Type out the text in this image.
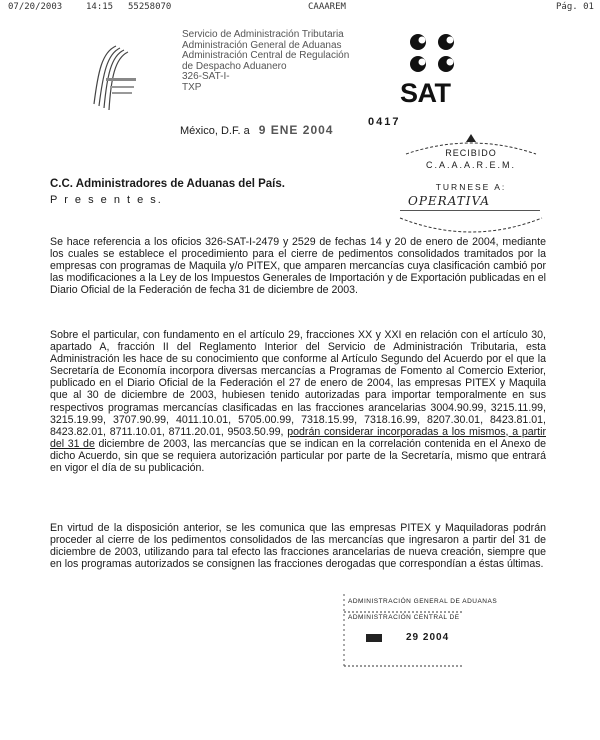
07/20/2003	14:15 55258070	CAAAREM	Pág. 01
Servicio de Administración Tributaria
Administración General de Aduanas
Administración Central de Regulación
de Despacho Aduanero
326-SAT-I-
TXP	SAT
México, D.F. a 9 ENE 2004
0417
RECIBIDO
C.A.A.A.R.E.M.
TURNESE A:
OPERATIVA
C.C. Administradores de Aduanas del País.
P r e s e n t e s.
Se hace referencia a los oficios 326-SAT-I-2479 y 2529 de fechas 14 y 20 de enero de 2004, mediante los cuales se establece el procedimiento para el cierre de pedimentos consolidados tramitados por la empresas con programas de Maquila y/o PITEX, que amparen mercancías cuya clasificación cambió por las modificaciones a la Ley de los Impuestos Generales de Importación y de Exportación publicadas en el Diario Oficial de la Federación de fecha 31 de diciembre de 2003.
Sobre el particular, con fundamento en el artículo 29, fracciones XX y XXI en relación con el artículo 30, apartado A, fracción II del Reglamento Interior del Servicio de Administración Tributaria, esta Administración les hace de su conocimiento que conforme al Artículo Segundo del Acuerdo por el que la Secretaría de Economía incorpora diversas mercancías a Programas de Fomento al Comercio Exterior, publicado en el Diario Oficial de la Federación el 27 de enero de 2004, las empresas PITEX y Maquila que al 30 de diciembre de 2003, hubiesen tenido autorizadas para importar temporalmente en sus respectivos programas mercancías clasificadas en las fracciones arancelarias 3004.90.99, 3215.11.99, 3215.19.99, 3707.90.99, 4011.10.01, 5705.00.99, 7318.15.99, 7318.16.99, 8207.30.01, 8423.81.01, 8423.82.01, 8711.10.01, 8711.20.01, 9503.50.99, podrán considerar incorporadas a los mismos, a partir del 31 de diciembre de 2003, las mercancías que se indican en la correlación contenida en el Anexo de dicho Acuerdo, sin que se requiera autorización particular por parte de la Secretaría, mismo que entrará en vigor el día de su publicación.
En virtud de la disposición anterior, se les comunica que las empresas PITEX y Maquiladoras podrán proceder al cierre de los pedimentos consolidados de las mercancías que ingresaron a partir del 31 de diciembre de 2003, utilizando para tal efecto las fracciones arancelarias de nueva creación, siempre que en los programas autorizados se consignen las fracciones derogadas que correspondían a éstas últimas.
ADMINISTRACIÓN GENERAL DE ADUANAS
ADMINISTRACIÓN CENTRAL DE
29 2004
